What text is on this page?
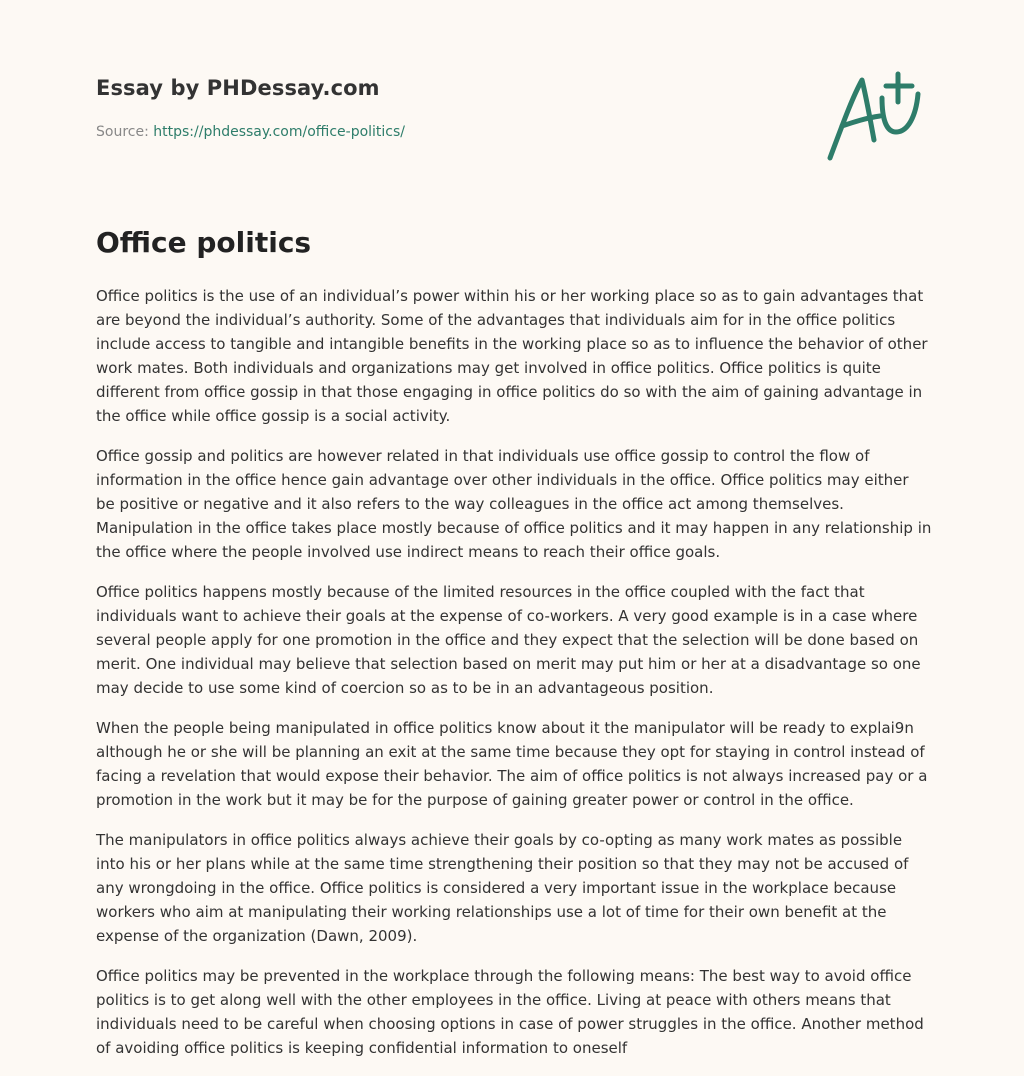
Essay by PHDessay.com
Source: https://phdessay.com/office-politics/
Office politics

Office politics is the use of an individual’s power within his or her working place so as to gain advantages that are beyond the individual’s authority. Some of the advantages that individuals aim for in the office politics include access to tangible and intangible benefits in the working place so as to influence the behavior of other work mates. Both individuals and organizations may get involved in office politics. Office politics is quite different from office gossip in that those engaging in office politics do so with the aim of gaining advantage in the office while office gossip is a social activity.

Office gossip and politics are however related in that individuals use office gossip to control the flow of information in the office hence gain advantage over other individuals in the office. Office politics may either be positive or negative and it also refers to the way colleagues in the office act among themselves. Manipulation in the office takes place mostly because of office politics and it may happen in any relationship in the office where the people involved use indirect means to reach their office goals.

Office politics happens mostly because of the limited resources in the office coupled with the fact that individuals want to achieve their goals at the expense of co-workers. A very good example is in a case where several people apply for one promotion in the office and they expect that the selection will be done based on merit. One individual may believe that selection based on merit may put him or her at a disadvantage so one may decide to use some kind of coercion so as to be in an advantageous position.

When the people being manipulated in office politics know about it the manipulator will be ready to explai9n although he or she will be planning an exit at the same time because they opt for staying in control instead of facing a revelation that would expose their behavior. The aim of office politics is not always increased pay or a promotion in the work but it may be for the purpose of gaining greater power or control in the office.

The manipulators in office politics always achieve their goals by co-opting as many work mates as possible into his or her plans while at the same time strengthening their position so that they may not be accused of any wrongdoing in the office. Office politics is considered a very important issue in the workplace because workers who aim at manipulating their working relationships use a lot of time for their own benefit at the expense of the organization (Dawn, 2009).

Office politics may be prevented in the workplace through the following means: The best way to avoid office politics is to get along well with the other employees in the office. Living at peace with others means that individuals need to be careful when choosing options in case of power struggles in the office. Another method of avoiding office politics is keeping confidential information to oneself
